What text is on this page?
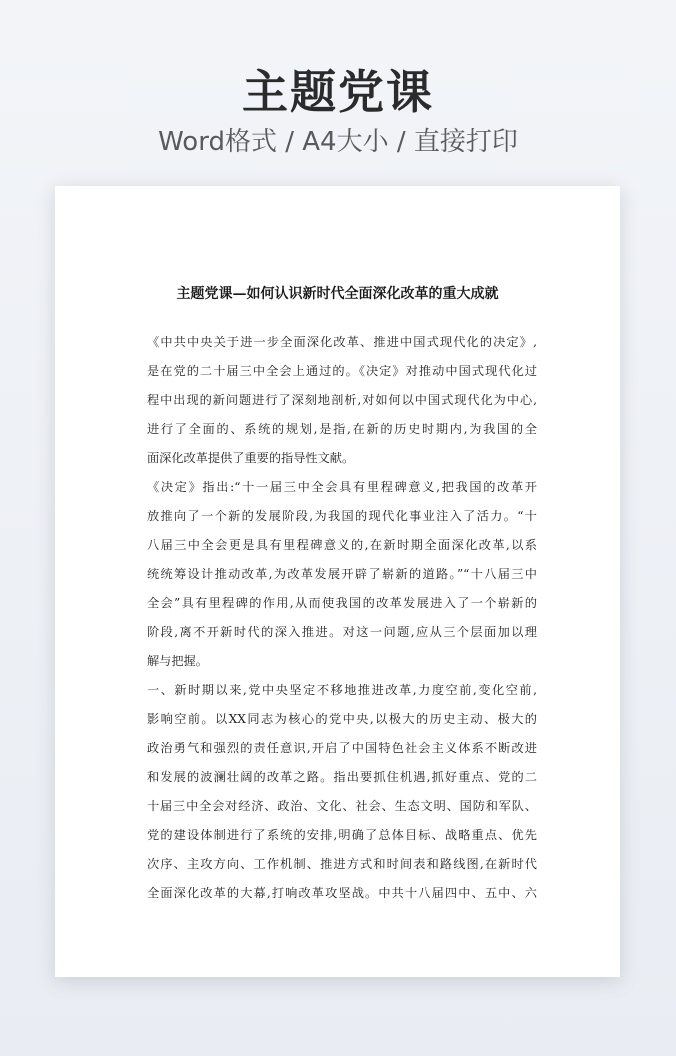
主题党课
Word格式 / A4大小 / 直接打印
主题党课—如何认识新时代全面深化改革的重大成就
《中共中央关于进一步全面深化改革、推进中国式现代化的决定》,
是在党的二十届三中全会上通过的。《决定》对推动中国式现代化过
程中出现的新问题进行了深刻地剖析,对如何以中国式现代化为中心,
进行了全面的、系统的规划,是指,在新的历史时期内,为我国的全
面深化改革提供了重要的指导性文献。
《决定》指出:“十一届三中全会具有里程碑意义,把我国的改革开
放推向了一个新的发展阶段,为我国的现代化事业注入了活力。“十
八届三中全会更是具有里程碑意义的,在新时期全面深化改革,以系
统统筹设计推动改革,为改革发展开辟了崭新的道路。”“十八届三中
全会”具有里程碑的作用,从而使我国的改革发展进入了一个崭新的
阶段,离不开新时代的深入推进。对这一问题,应从三个层面加以理
解与把握。
一、新时期以来,党中央坚定不移地推进改革,力度空前,变化空前,
影响空前。以XX同志为核心的党中央,以极大的历史主动、极大的
政治勇气和强烈的责任意识,开启了中国特色社会主义体系不断改进
和发展的波澜壮阔的改革之路。指出要抓住机遇,抓好重点、党的二
十届三中全会对经济、政治、文化、社会、生态文明、国防和军队、
党的建设体制进行了系统的安排,明确了总体目标、战略重点、优先
次序、主攻方向、工作机制、推进方式和时间表和路线图,在新时代
全面深化改革的大幕,打响改革攻坚战。中共十八届四中、五中、六
